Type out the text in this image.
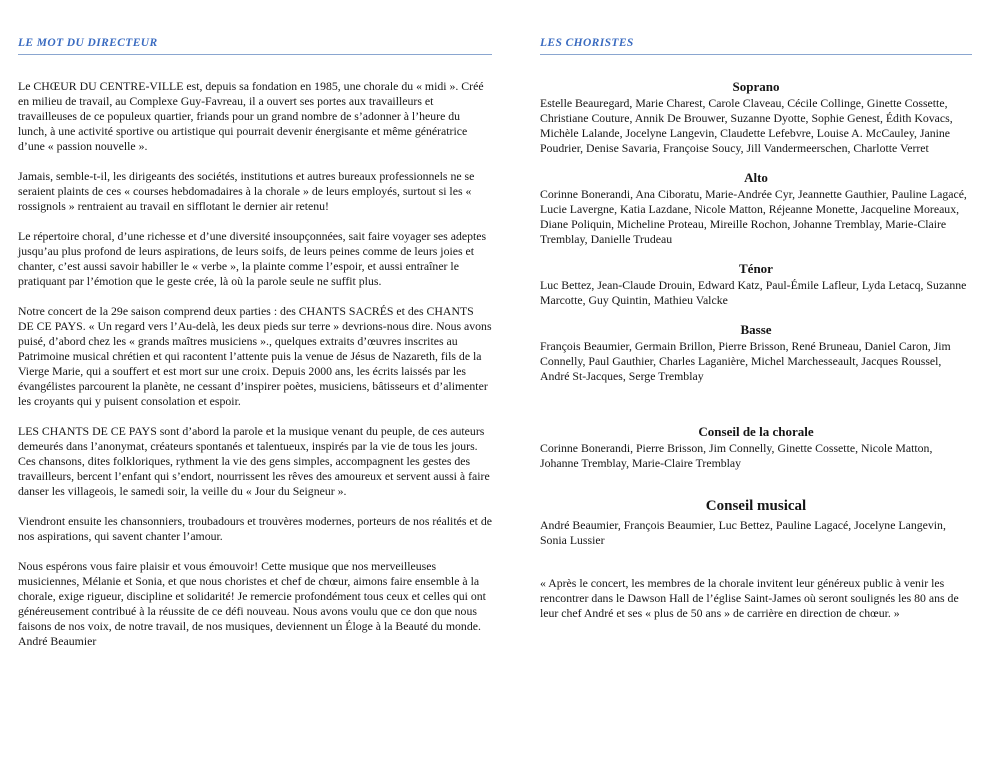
LE MOT DU DIRECTEUR

Le CHŒUR DU CENTRE-VILLE est, depuis sa fondation en 1985, une chorale du « midi ». Créé en milieu de travail, au Complexe Guy-Favreau, il a ouvert ses portes aux travailleurs et travailleuses de ce populeux quartier, friands pour un grand nombre de s’adonner à l’heure du lunch, à une activité sportive ou artistique qui pourrait devenir énergisante et même génératrice d’une « passion nouvelle ».

Jamais, semble-t-il, les dirigeants des sociétés, institutions et autres bureaux professionnels ne se seraient plaints de ces « courses hebdomadaires à la chorale » de leurs employés, surtout si les « rossignols » rentraient au travail en sifflotant le dernier air retenu!

Le répertoire choral, d’une richesse et d’une diversité insoupçonnées, sait faire voyager ses adeptes jusqu’au plus profond de leurs aspirations, de leurs soifs, de leurs peines comme de leurs joies et chanter, c’est aussi savoir habiller le « verbe », la plainte comme l’espoir, et aussi entraîner le pratiquant par l’émotion que le geste crée, là où la parole seule ne suffit plus.

Notre concert de la 29e saison comprend deux parties : des CHANTS SACRÉS et des CHANTS DE CE PAYS. « Un regard vers l’Au-delà, les deux pieds sur terre » devrions-nous dire. Nous avons puisé, d’abord chez les « grands maîtres musiciens »., quelques extraits d’œuvres inscrites au Patrimoine musical chrétien et qui racontent l’attente puis la venue de Jésus de Nazareth, fils de la Vierge Marie, qui a souffert et est mort sur une croix. Depuis 2000 ans, les écrits laissés par les évangélistes parcourent la planète, ne cessant d’inspirer poètes, musiciens, bâtisseurs et d’alimenter les croyants qui y puisent consolation et espoir.

LES CHANTS DE CE PAYS sont d’abord la parole et la musique venant du peuple, de ces auteurs demeurés dans l’anonymat, créateurs spontanés et talentueux, inspirés par la vie de tous les jours. Ces chansons, dites folkloriques, rythment la vie des gens simples, accompagnent les gestes des travailleurs, bercent l’enfant qui s’endort, nourrissent les rêves des amoureux et servent aussi à faire danser les villageois, le samedi soir, la veille du « Jour du Seigneur ».

Viendront ensuite les chansonniers, troubadours et trouvères modernes, porteurs de nos réalités et de nos aspirations, qui savent chanter l’amour.

Nous espérons vous faire plaisir et vous émouvoir! Cette musique que nos merveilleuses musiciennes, Mélanie et Sonia, et que nous choristes et chef de chœur, aimons faire ensemble à la chorale, exige rigueur, discipline et solidarité! Je remercie profondément tous ceux et celles qui ont généreusement contribué à la réussite de ce défi nouveau. Nous avons voulu que ce don que nous faisons de nos voix, de notre travail, de nos musiques, deviennent un Éloge à la Beauté du monde.

André Beaumier

LES CHORISTES
Soprano

Estelle Beauregard, Marie Charest, Carole Claveau, Cécile Collinge, Ginette Cossette, Christiane Couture, Annik De Brouwer, Suzanne Dyotte, Sophie Genest, Édith Kovacs, Michèle Lalande, Jocelyne Langevin, Claudette Lefebvre, Louise A. McCauley, Janine Poudrier, Denise Savaria, Françoise Soucy, Jill Vandermeerschen, Charlotte Verret

Alto

Corinne Bonerandi, Ana Ciboratu, Marie-Andrée Cyr, Jeannette Gauthier, Pauline Lagacé, Lucie Lavergne, Katia Lazdane, Nicole Matton, Réjeanne Monette, Jacqueline Moreaux, Diane Poliquin, Micheline Proteau, Mireille Rochon, Johanne Tremblay, Marie-Claire Tremblay, Danielle Trudeau

Ténor

Luc Bettez, Jean-Claude Drouin, Edward Katz, Paul-Émile Lafleur, Lyda Letacq, Suzanne Marcotte, Guy Quintin, Mathieu Valcke

Basse

François Beaumier, Germain Brillon, Pierre Brisson, René Bruneau, Daniel Caron, Jim Connelly, Paul Gauthier, Charles Laganière, Michel Marchesseault, Jacques Roussel, André St-Jacques, Serge Tremblay

Conseil de la chorale

Corinne Bonerandi, Pierre Brisson, Jim Connelly, Ginette Cossette, Nicole Matton, Johanne Tremblay, Marie-Claire Tremblay

Conseil musical

André Beaumier, François Beaumier, Luc Bettez, Pauline Lagacé, Jocelyne Langevin, Sonia Lussier

« Après le concert, les membres de la chorale invitent leur généreux public à venir les rencontrer dans le Dawson Hall de l’église Saint-James où seront soulignés les 80 ans de leur chef André et ses « plus de 50 ans » de carrière en direction de chœur. »
